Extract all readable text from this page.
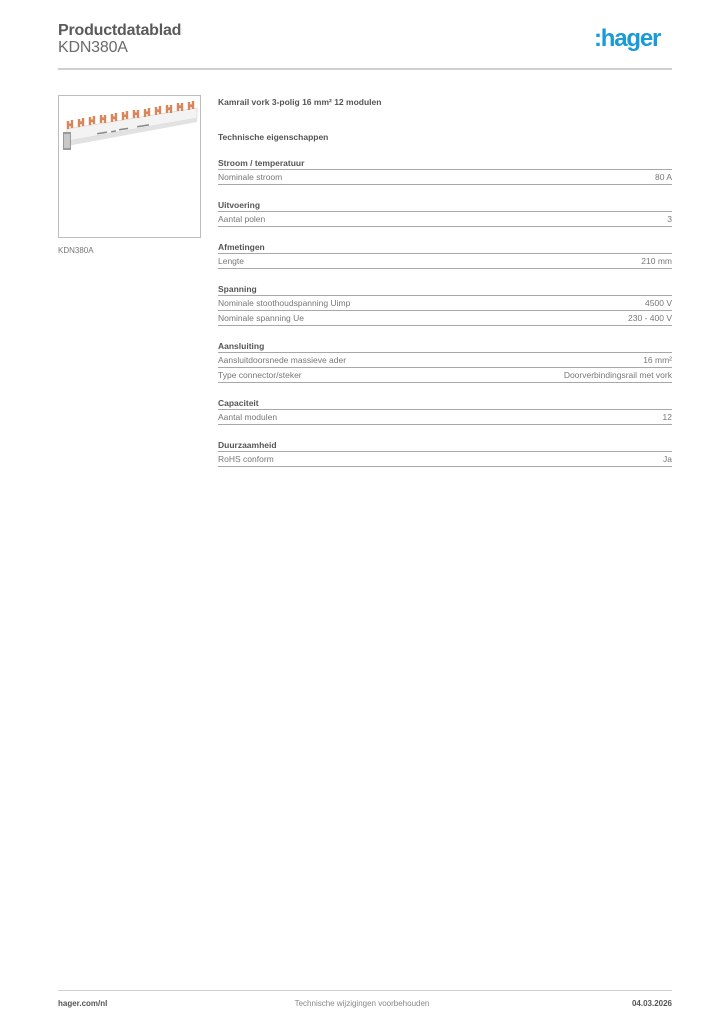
Productdatablad
KDN380A	:hager
KDN380A
Kamrail vork 3-polig 16 mm² 12 modulen
Technische eigenschappen
Stroom / temperatuur
Nominale stroom	80 A
Uitvoering
Aantal polen	3
Afmetingen
Lengte	210 mm
Spanning
Nominale stoothoudspanning Uimp	4500 V
Nominale spanning Ue	230 - 400 V
Aansluiting
Aansluitdoorsnede massieve ader	16 mm²
Type connector/steker	Doorverbindingsrail met vork
Capaciteit
Aantal modulen	12
Duurzaamheid
RoHS conform	Ja
hager.com/nl	Technische wijzigingen voorbehouden	04.03.2026
